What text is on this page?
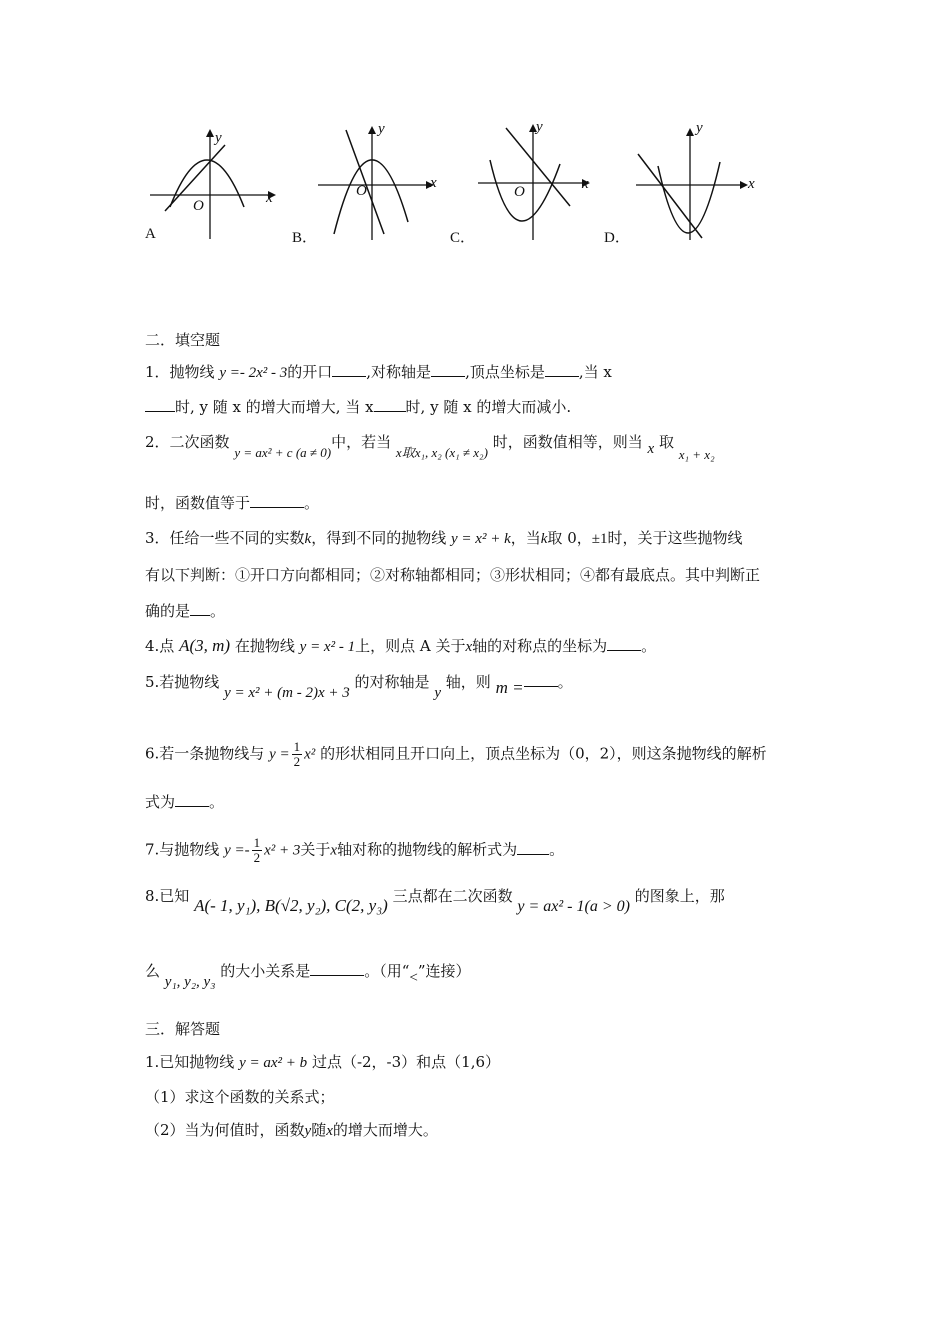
x
y
O
A
x
y
O
B．
x
y
O
C．
x
y
D．
二．填空题
1．抛物线 y =- 2x² - 3的开口 ,对称轴是 ,顶点坐标是 ,当 x
时, y 随 x 的增大而增大, 当 x 时, y 随 x 的增大而减小.
2．二次函数 y = ax² + c (a ≠ 0)中，若当 x取x₁, x₂ (x₁ ≠ x₂) 时，函数值相等，则当 x 取 x₁ + x₂
时，函数值等于	。
3．任给一些不同的实数k，得到不同的抛物线 y = x² + k，当k取 0，±1时，关于这些抛物线
有以下判断：①开口方向都相同；②对称轴都相同；③形状相同；④都有最底点。其中判断正
确的是 。
4.点 A(3, m) 在抛物线 y = x² - 1上，则点 A 关于x轴的对称点的坐标为 。
5.若抛物线 y = x² + (m - 2)x + 3 的对称轴是 y 轴，则 m = 。
6.若一条抛物线与 $y = \frac{1}{2} x^2$ 的形状相同且开口向上，顶点坐标为（0，2），则这条抛物线的解析
式为 。
7.与抛物线 $y =- \frac{1}{2} x^2 + 3$关于x轴对称的抛物线的解析式为 。
8.已知 A(- 1, y₁), B(√2, y₂), C(2, y₃) 三点都在二次函数 y = ax² - 1(a > 0) 的图象上，那
么 y₁, y₂, y₃ 的大小关系是	。（用“<”连接）
三．解答题
1.已知抛物线 y = ax² + b 过点（-2，-3）和点（1,6）
（1）求这个函数的关系式；
（2）当为何值时，函数y随x的增大而增大。
